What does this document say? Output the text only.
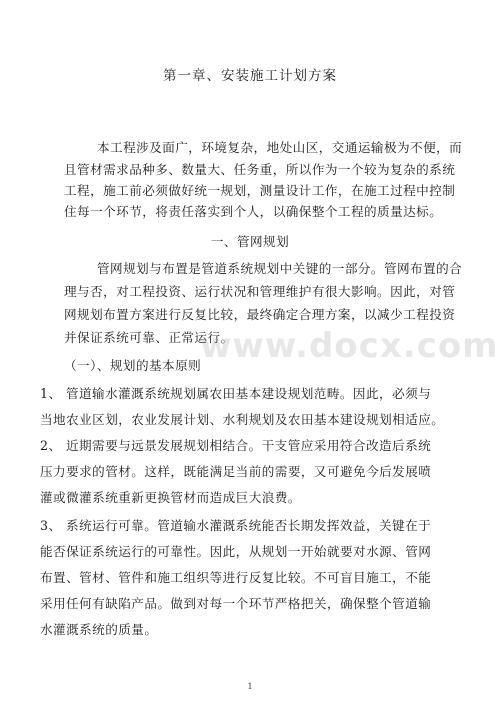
第一章、安装施工计划方案
本工程涉及面广，环境复杂，地处山区，交通运输极为不便，而
且管材需求品种多、数量大、任务重，所以作为一个较为复杂的系统
工程，施工前必须做好统一规划，测量设计工作，在施工过程中控制
住每一个环节，将责任落实到个人，以确保整个工程的质量达标。
一、管网规划
管网规划与布置是管道系统规划中关键的一部分。管网布置的合
理与否，对工程投资、运行状况和管理维护有很大影响。因此，对管
网规划布置方案进行反复比较，最终确定合理方案，以减少工程投资
并保证系统可靠、正常运行。
（一）、规划的基本原则
1、 管道输水灌溉系统规划属农田基本建设规划范畴。因此，必须与
当地农业区划，农业发展计划、水利规划及农田基本建设规划相适应。
2、 近期需要与远景发展规划相结合。干支管应采用符合改造后系统
压力要求的管材。这样，既能满足当前的需要，又可避免今后发展喷
灌或微灌系统重新更换管材而造成巨大浪费。
3、 系统运行可靠。管道输水灌溉系统能否长期发挥效益，关键在于
能否保证系统运行的可靠性。因此，从规划一开始就要对水源、管网
布置、管材、管件和施工组织等进行反复比较。不可盲目施工，不能
采用任何有缺陷产品。做到对每一个环节严格把关，确保整个管道输
水灌溉系统的质量。
www.docx.com
1
